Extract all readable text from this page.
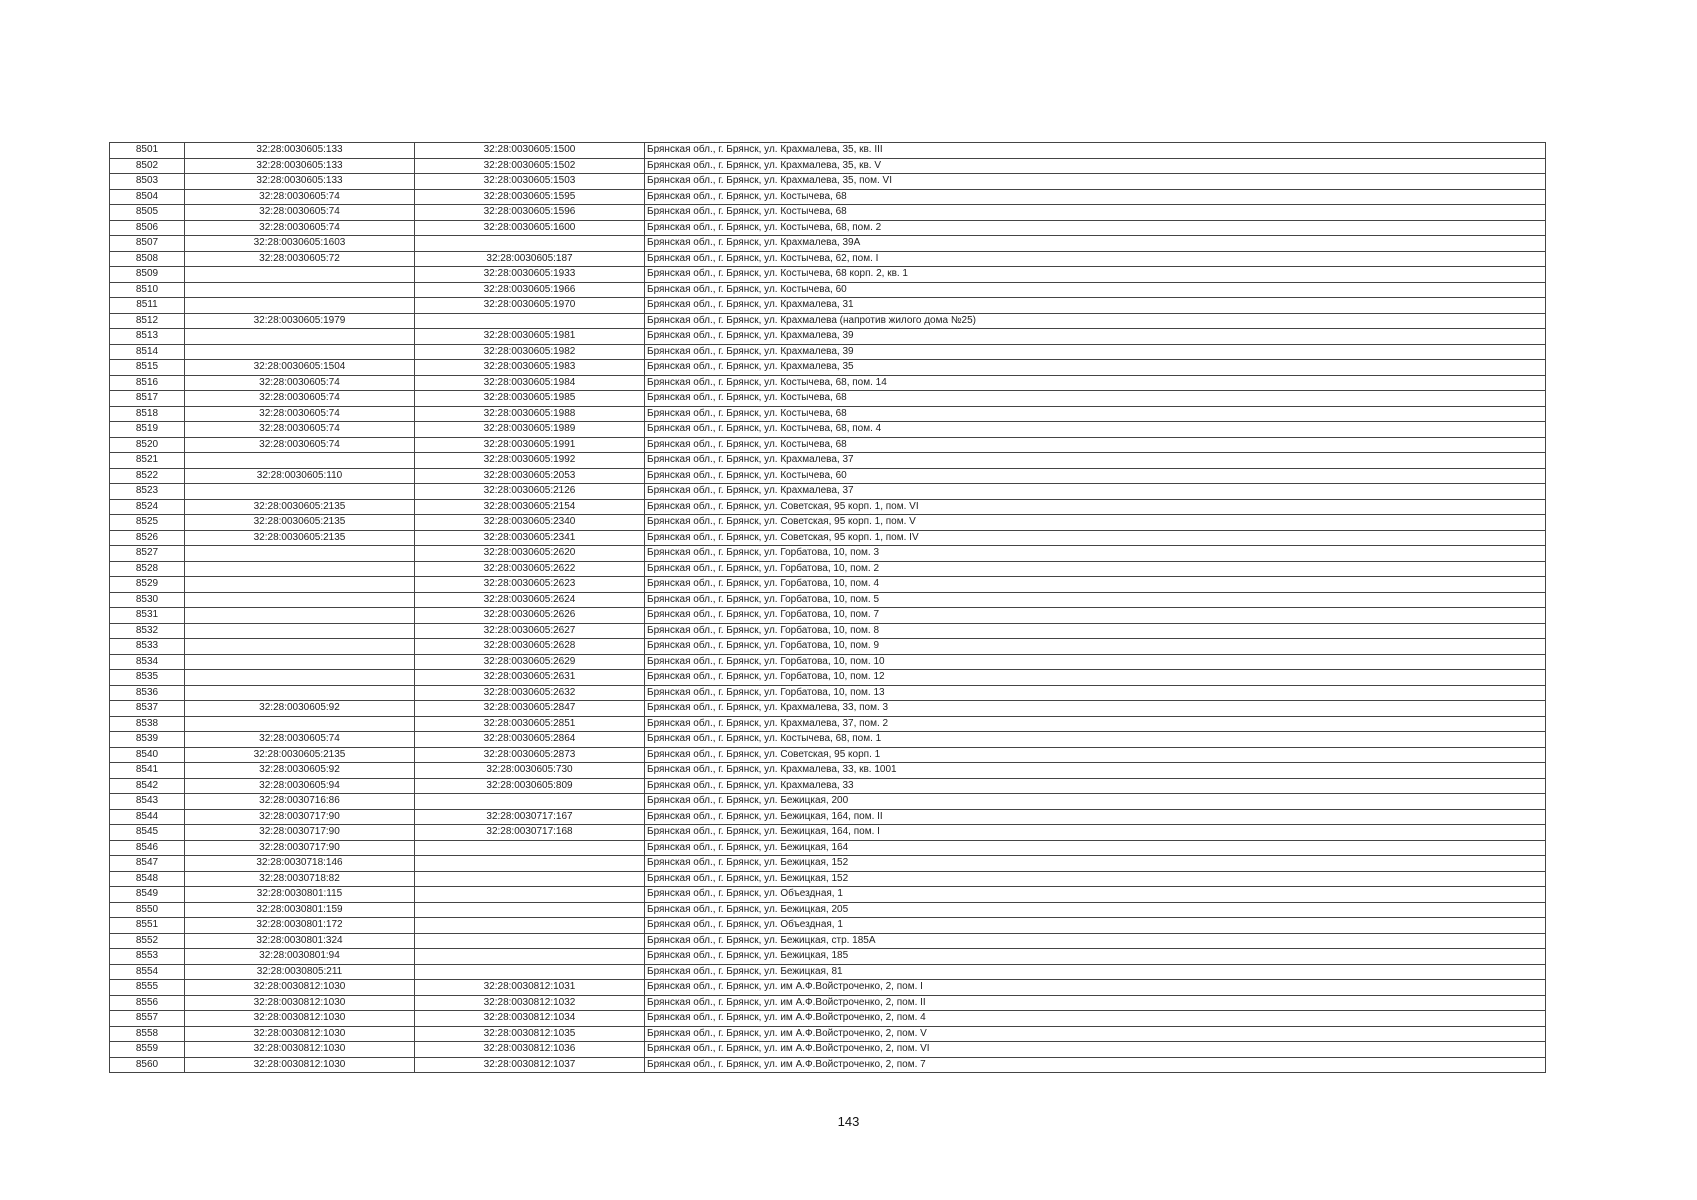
8501	32:28:0030605:133	32:28:0030605:1500	Брянская обл., г. Брянск, ул. Крахмалева, 35, кв. III
8502	32:28:0030605:133	32:28:0030605:1502	Брянская обл., г. Брянск, ул. Крахмалева, 35, кв. V
8503	32:28:0030605:133	32:28:0030605:1503	Брянская обл., г. Брянск, ул. Крахмалева, 35, пом. VI
8504	32:28:0030605:74	32:28:0030605:1595	Брянская обл., г. Брянск, ул. Костычева, 68
8505	32:28:0030605:74	32:28:0030605:1596	Брянская обл., г. Брянск, ул. Костычева, 68
8506	32:28:0030605:74	32:28:0030605:1600	Брянская обл., г. Брянск, ул. Костычева, 68, пом. 2
8507	32:28:0030605:1603		Брянская обл., г. Брянск, ул. Крахмалева, 39А
8508	32:28:0030605:72	32:28:0030605:187	Брянская обл., г. Брянск, ул. Костычева, 62, пом. I
8509		32:28:0030605:1933	Брянская обл., г. Брянск, ул. Костычева, 68 корп. 2, кв. 1
8510		32:28:0030605:1966	Брянская обл., г. Брянск, ул. Костычева, 60
8511		32:28:0030605:1970	Брянская обл., г. Брянск, ул. Крахмалева, 31
8512	32:28:0030605:1979		Брянская обл., г. Брянск, ул. Крахмалева (напротив жилого дома №25)
8513		32:28:0030605:1981	Брянская обл., г. Брянск, ул. Крахмалева, 39
8514		32:28:0030605:1982	Брянская обл., г. Брянск, ул. Крахмалева, 39
8515	32:28:0030605:1504	32:28:0030605:1983	Брянская обл., г. Брянск, ул. Крахмалева, 35
8516	32:28:0030605:74	32:28:0030605:1984	Брянская обл., г. Брянск, ул. Костычева, 68, пом. 14
8517	32:28:0030605:74	32:28:0030605:1985	Брянская обл., г. Брянск, ул. Костычева, 68
8518	32:28:0030605:74	32:28:0030605:1988	Брянская обл., г. Брянск, ул. Костычева, 68
8519	32:28:0030605:74	32:28:0030605:1989	Брянская обл., г. Брянск, ул. Костычева, 68, пом. 4
8520	32:28:0030605:74	32:28:0030605:1991	Брянская обл., г. Брянск, ул. Костычева, 68
8521		32:28:0030605:1992	Брянская обл., г. Брянск, ул. Крахмалева, 37
8522	32:28:0030605:110	32:28:0030605:2053	Брянская обл., г. Брянск, ул. Костычева, 60
8523		32:28:0030605:2126	Брянская обл., г. Брянск, ул. Крахмалева, 37
8524	32:28:0030605:2135	32:28:0030605:2154	Брянская обл., г. Брянск, ул. Советская, 95 корп. 1, пом. VI
8525	32:28:0030605:2135	32:28:0030605:2340	Брянская обл., г. Брянск, ул. Советская, 95 корп. 1, пом. V
8526	32:28:0030605:2135	32:28:0030605:2341	Брянская обл., г. Брянск, ул. Советская, 95 корп. 1, пом. IV
8527		32:28:0030605:2620	Брянская обл., г. Брянск, ул. Горбатова, 10, пом. 3
8528		32:28:0030605:2622	Брянская обл., г. Брянск, ул. Горбатова, 10, пом. 2
8529		32:28:0030605:2623	Брянская обл., г. Брянск, ул. Горбатова, 10, пом. 4
8530		32:28:0030605:2624	Брянская обл., г. Брянск, ул. Горбатова, 10, пом. 5
8531		32:28:0030605:2626	Брянская обл., г. Брянск, ул. Горбатова, 10, пом. 7
8532		32:28:0030605:2627	Брянская обл., г. Брянск, ул. Горбатова, 10, пом. 8
8533		32:28:0030605:2628	Брянская обл., г. Брянск, ул. Горбатова, 10, пом. 9
8534		32:28:0030605:2629	Брянская обл., г. Брянск, ул. Горбатова, 10, пом. 10
8535		32:28:0030605:2631	Брянская обл., г. Брянск, ул. Горбатова, 10, пом. 12
8536		32:28:0030605:2632	Брянская обл., г. Брянск, ул. Горбатова, 10, пом. 13
8537	32:28:0030605:92	32:28:0030605:2847	Брянская обл., г. Брянск, ул. Крахмалева, 33, пом. 3
8538		32:28:0030605:2851	Брянская обл., г. Брянск, ул. Крахмалева, 37, пом. 2
8539	32:28:0030605:74	32:28:0030605:2864	Брянская обл., г. Брянск, ул. Костычева, 68, пом. 1
8540	32:28:0030605:2135	32:28:0030605:2873	Брянская обл., г. Брянск, ул. Советская, 95 корп. 1
8541	32:28:0030605:92	32:28:0030605:730	Брянская обл., г. Брянск, ул. Крахмалева, 33, кв. 1001
8542	32:28:0030605:94	32:28:0030605:809	Брянская обл., г. Брянск, ул. Крахмалева, 33
8543	32:28:0030716:86		Брянская обл., г. Брянск, ул. Бежицкая, 200
8544	32:28:0030717:90	32:28:0030717:167	Брянская обл., г. Брянск, ул. Бежицкая, 164, пом. II
8545	32:28:0030717:90	32:28:0030717:168	Брянская обл., г. Брянск, ул. Бежицкая, 164, пом. I
8546	32:28:0030717:90		Брянская обл., г. Брянск, ул. Бежицкая, 164
8547	32:28:0030718:146		Брянская обл., г. Брянск, ул. Бежицкая, 152
8548	32:28:0030718:82		Брянская обл., г. Брянск, ул. Бежицкая, 152
8549	32:28:0030801:115		Брянская обл., г. Брянск, ул. Объездная, 1
8550	32:28:0030801:159		Брянская обл., г. Брянск, ул. Бежицкая, 205
8551	32:28:0030801:172		Брянская обл., г. Брянск, ул. Объездная, 1
8552	32:28:0030801:324		Брянская обл., г. Брянск, ул. Бежицкая, стр. 185А
8553	32:28:0030801:94		Брянская обл., г. Брянск, ул. Бежицкая, 185
8554	32:28:0030805:211		Брянская обл., г. Брянск, ул. Бежицкая, 81
8555	32:28:0030812:1030	32:28:0030812:1031	Брянская обл., г. Брянск, ул. им А.Ф.Войстроченко, 2, пом. I
8556	32:28:0030812:1030	32:28:0030812:1032	Брянская обл., г. Брянск, ул. им А.Ф.Войстроченко, 2, пом. II
8557	32:28:0030812:1030	32:28:0030812:1034	Брянская обл., г. Брянск, ул. им А.Ф.Войстроченко, 2, пом. 4
8558	32:28:0030812:1030	32:28:0030812:1035	Брянская обл., г. Брянск, ул. им А.Ф.Войстроченко, 2, пом. V
8559	32:28:0030812:1030	32:28:0030812:1036	Брянская обл., г. Брянск, ул. им А.Ф.Войстроченко, 2, пом. VI
8560	32:28:0030812:1030	32:28:0030812:1037	Брянская обл., г. Брянск, ул. им А.Ф.Войстроченко, 2, пом. 7
143
